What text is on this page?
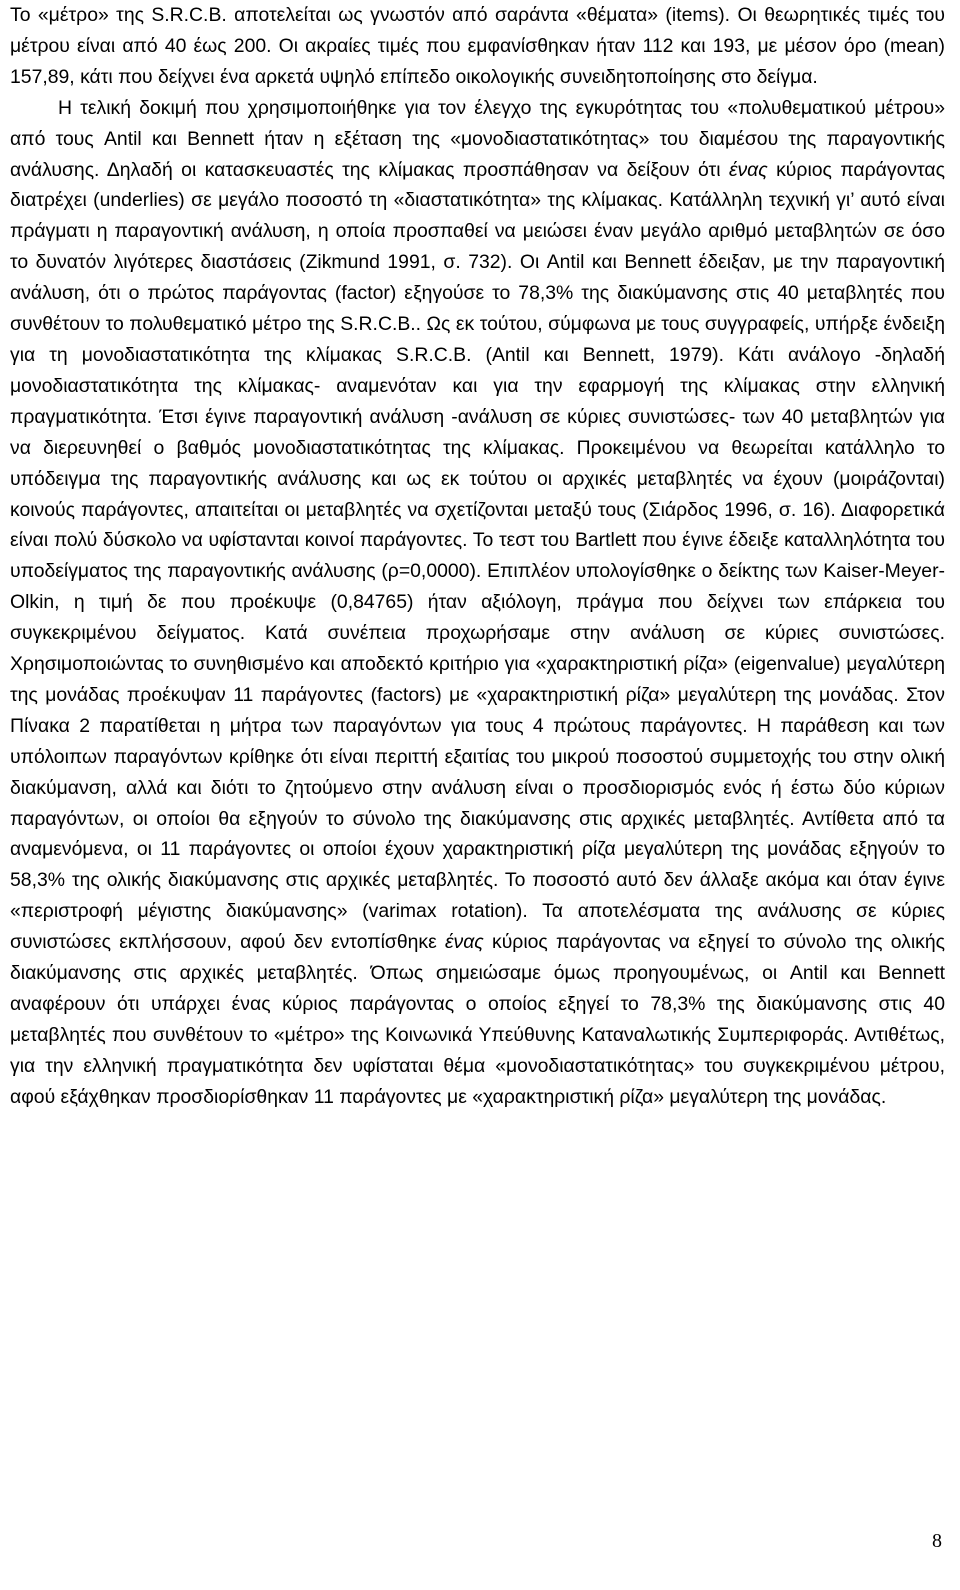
Το «μέτρο» της S.R.C.B. αποτελείται ως γνωστόν από σαράντα «θέματα» (items). Οι θεωρητικές τιμές του μέτρου είναι από 40 έως 200. Οι ακραίες τιμές που εμφανίσθηκαν ήταν 112 και 193, με μέσον όρο (mean) 157,89, κάτι που δείχνει ένα αρκετά υψηλό επίπεδο οικολογικής συνειδητοποίησης στο δείγμα.

Η τελική δοκιμή που χρησιμοποιήθηκε για τον έλεγχο της εγκυρότητας του «πολυθεματικού μέτρου» από τους Antil και Bennett ήταν η εξέταση της «μονοδιαστατικότητας» του διαμέσου της παραγοντικής ανάλυσης. Δηλαδή οι κατασκευαστές της κλίμακας προσπάθησαν να δείξουν ότι ένας κύριος παράγοντας διατρέχει (underlies) σε μεγάλο ποσοστό τη «διαστατικότητα» της κλίμακας. Κατάλληλη τεχνική γι’ αυτό είναι πράγματι η παραγοντική ανάλυση, η οποία προσπαθεί να μειώσει έναν μεγάλο αριθμό μεταβλητών σε όσο το δυνατόν λιγότερες διαστάσεις (Zikmund 1991, σ. 732). Οι Antil και Bennett έδειξαν, με την παραγοντική ανάλυση, ότι ο πρώτος παράγοντας (factor) εξηγούσε το 78,3% της διακύμανσης στις 40 μεταβλητές που συνθέτουν το πολυθεματικό μέτρο της S.R.C.B.. Ως εκ τούτου, σύμφωνα με τους συγγραφείς, υπήρξε ένδειξη για τη μονοδιαστατικότητα της κλίμακας S.R.C.B. (Antil και Bennett, 1979). Κάτι ανάλογο -δηλαδή μονοδιαστατικότητα της κλίμακας- αναμενόταν και για την εφαρμογή της κλίμακας στην ελληνική πραγματικότητα. Έτσι έγινε παραγοντική ανάλυση -ανάλυση σε κύριες συνιστώσες- των 40 μεταβλητών για να διερευνηθεί ο βαθμός μονοδιαστατικότητας της κλίμακας. Προκειμένου να θεωρείται κατάλληλο το υπόδειγμα της παραγοντικής ανάλυσης και ως εκ τούτου οι αρχικές μεταβλητές να έχουν (μοιράζονται) κοινούς παράγοντες, απαιτείται οι μεταβλητές να σχετίζονται μεταξύ τους (Σιάρδος 1996, σ. 16). Διαφορετικά είναι πολύ δύσκολο να υφίστανται κοινοί παράγοντες. Το τεστ του Bartlett που έγινε έδειξε καταλληλότητα του υποδείγματος της παραγοντικής ανάλυσης (ρ=0,0000). Επιπλέον υπολογίσθηκε ο δείκτης των Kaiser-Meyer-Olkin, η τιμή δε που προέκυψε (0,84765) ήταν αξιόλογη, πράγμα που δείχνει των επάρκεια του συγκεκριμένου δείγματος. Κατά συνέπεια προχωρήσαμε στην ανάλυση σε κύριες συνιστώσες. Χρησιμοποιώντας το συνηθισμένο και αποδεκτό κριτήριο για «χαρακτηριστική ρίζα» (eigenvalue) μεγαλύτερη της μονάδας προέκυψαν 11 παράγοντες (factors) με «χαρακτηριστική ρίζα» μεγαλύτερη της μονάδας. Στον Πίνακα 2 παρατίθεται η μήτρα των παραγόντων για τους 4 πρώτους παράγοντες. Η παράθεση και των υπόλοιπων παραγόντων κρίθηκε ότι είναι περιττή εξαιτίας του μικρού ποσοστού συμμετοχής του στην ολική διακύμανση, αλλά και διότι το ζητούμενο στην ανάλυση είναι ο προσδιορισμός ενός ή έστω δύο κύριων παραγόντων, οι οποίοι θα εξηγούν το σύνολο της διακύμανσης στις αρχικές μεταβλητές. Αντίθετα από τα αναμενόμενα, οι 11 παράγοντες οι οποίοι έχουν χαρακτηριστική ρίζα μεγαλύτερη της μονάδας εξηγούν το 58,3% της ολικής διακύμανσης στις αρχικές μεταβλητές. Το ποσοστό αυτό δεν άλλαξε ακόμα και όταν έγινε «περιστροφή μέγιστης διακύμανσης» (varimax rotation). Τα αποτελέσματα της ανάλυσης σε κύριες συνιστώσες εκπλήσσουν, αφού δεν εντοπίσθηκε ένας κύριος παράγοντας να εξηγεί το σύνολο της ολικής διακύμανσης στις αρχικές μεταβλητές. Όπως σημειώσαμε όμως προηγουμένως, οι Antil και Bennett αναφέρουν ότι υπάρχει ένας κύριος παράγοντας ο οποίος εξηγεί το 78,3% της διακύμανσης στις 40 μεταβλητές που συνθέτουν το «μέτρο» της Κοινωνικά Υπεύθυνης Καταναλωτικής Συμπεριφοράς. Αντιθέτως, για την ελληνική πραγματικότητα δεν υφίσταται θέμα «μονοδιαστατικότητας» του συγκεκριμένου μέτρου, αφού εξάχθηκαν προσδιορίσθηκαν 11 παράγοντες με «χαρακτηριστική ρίζα» μεγαλύτερη της μονάδας.

8
